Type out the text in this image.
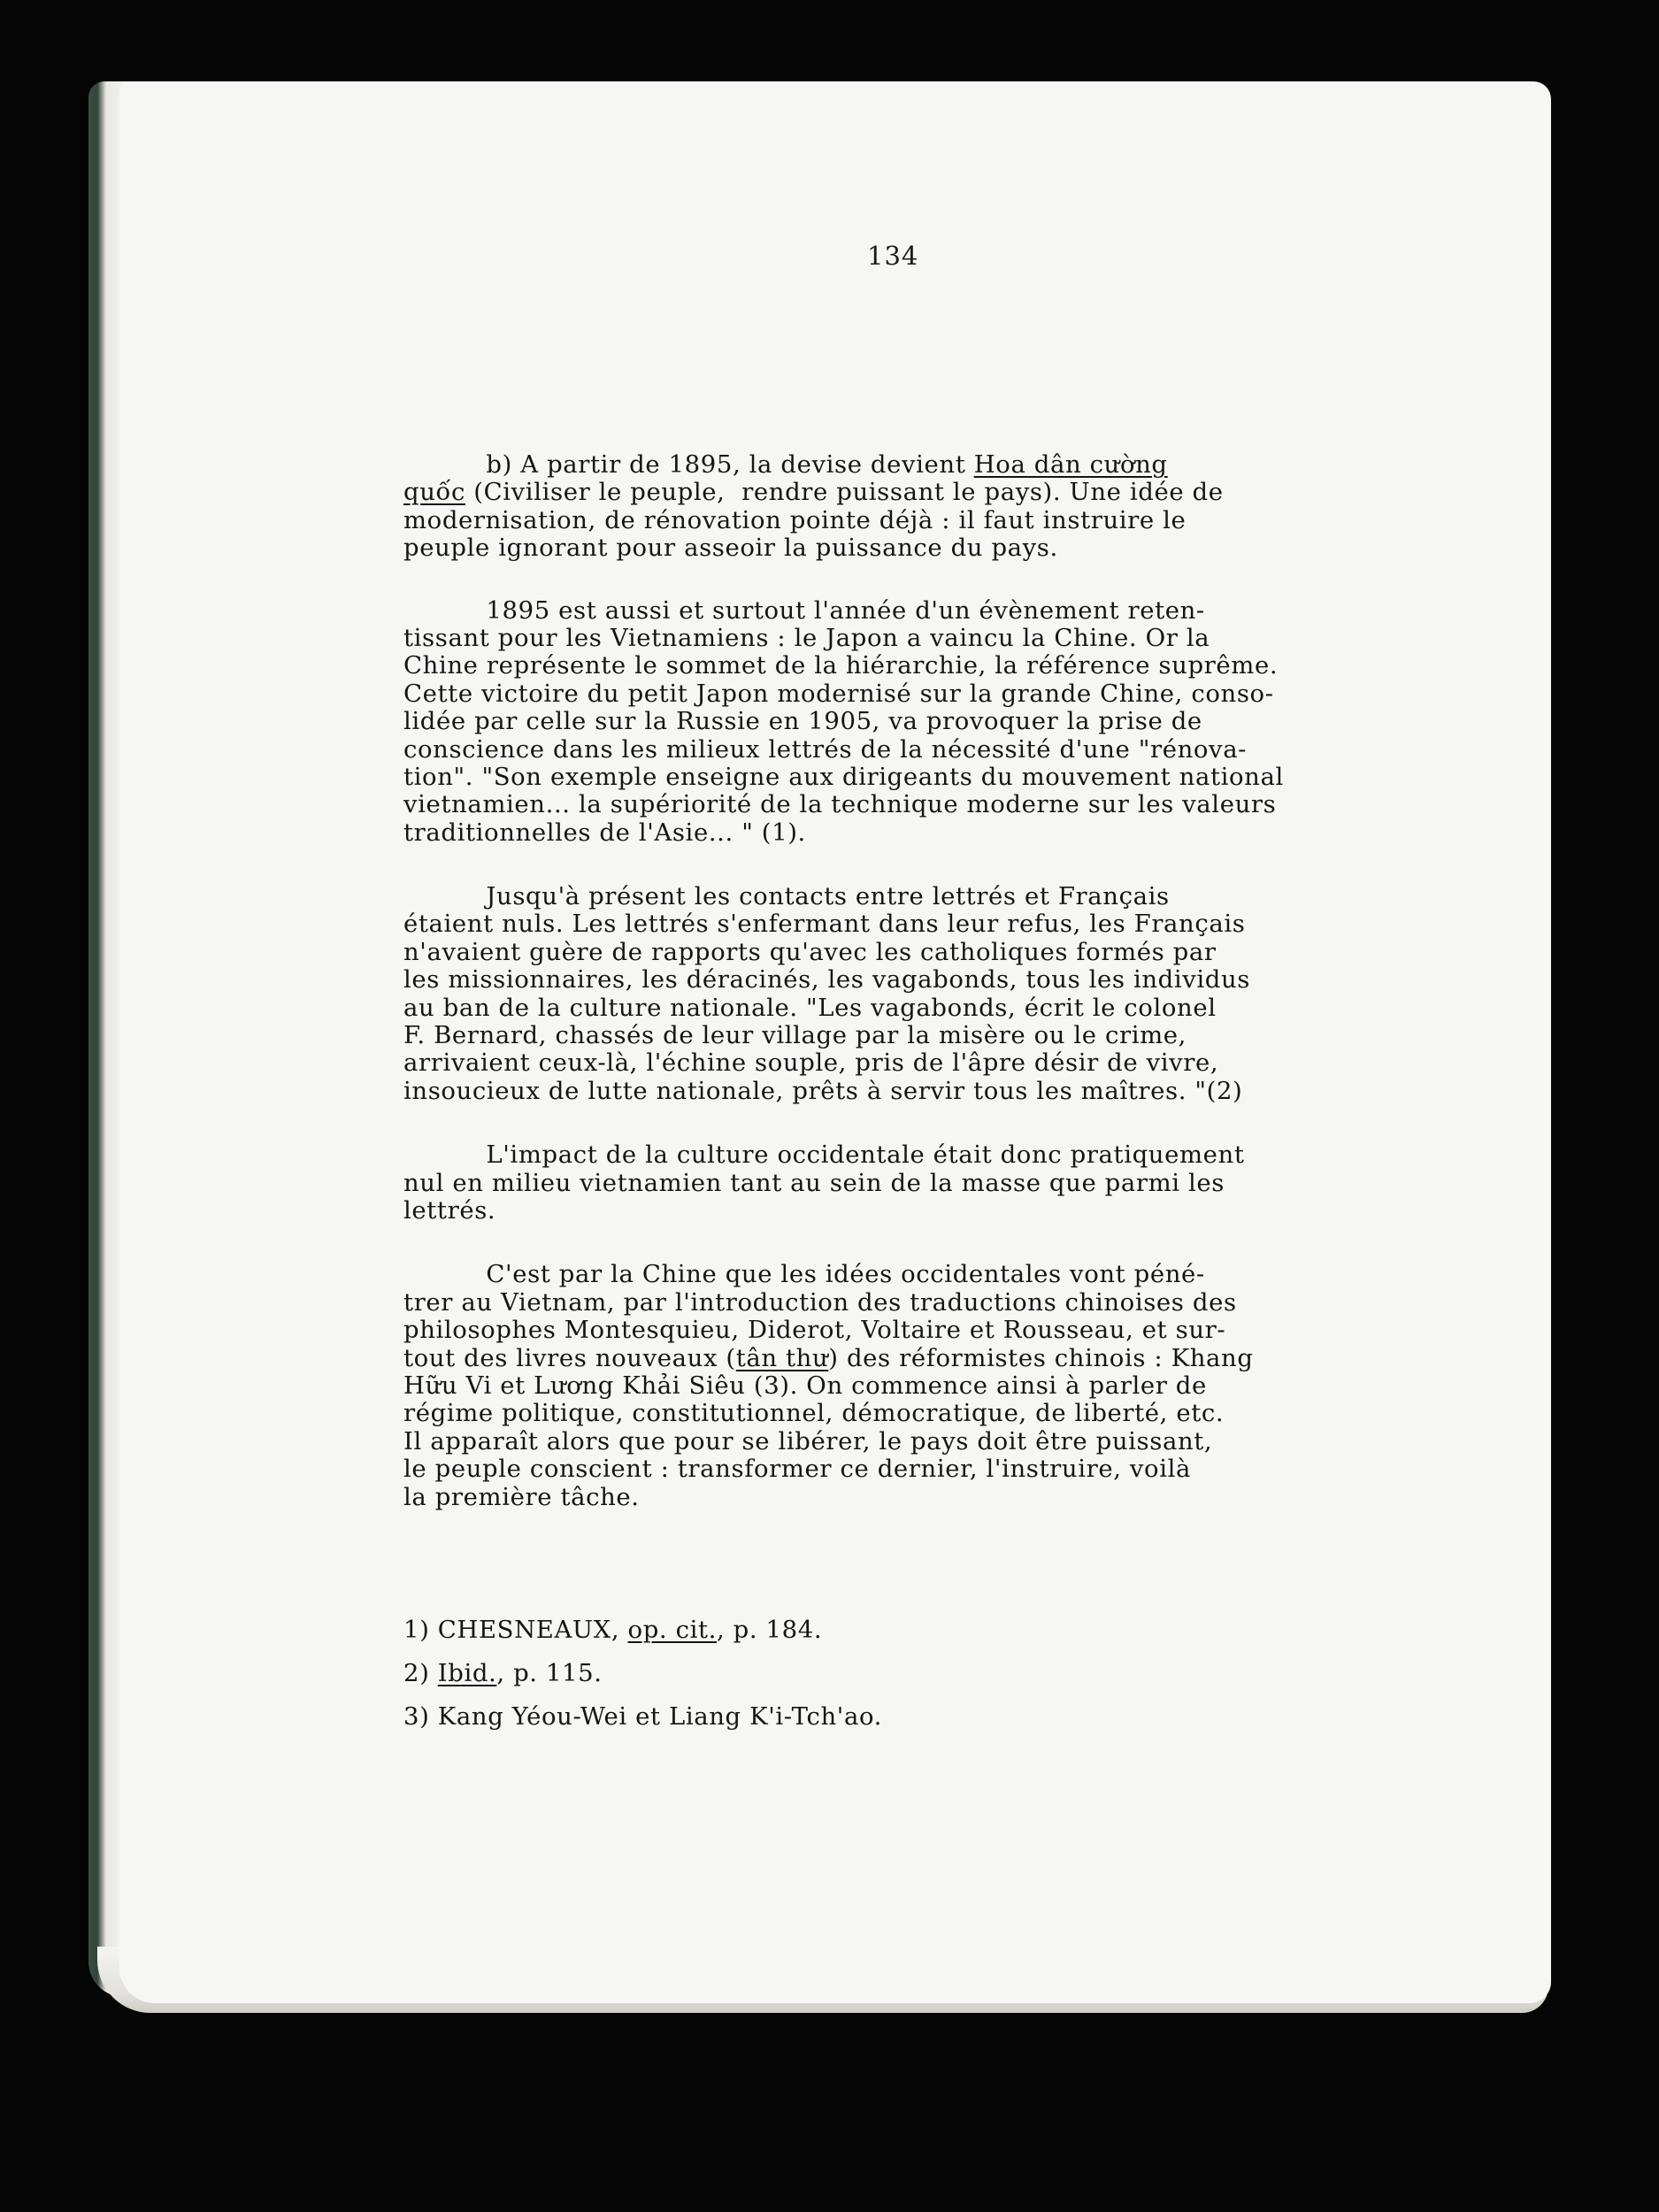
134
b) A partir de 1895, la devise devient Hoa dân cường
quốc (Civiliser le peuple,  rendre puissant le pays). Une idée de
modernisation, de rénovation pointe déjà : il faut instruire le
peuple ignorant pour asseoir la puissance du pays.
1895 est aussi et surtout l'année d'un évènement reten-
tissant pour les Vietnamiens : le Japon a vaincu la Chine. Or la
Chine représente le sommet de la hiérarchie, la référence suprême.
Cette victoire du petit Japon modernisé sur la grande Chine, conso-
lidée par celle sur la Russie en 1905, va provoquer la prise de
conscience dans les milieux lettrés de la nécessité d'une "rénova-
tion". "Son exemple enseigne aux dirigeants du mouvement national
vietnamien... la supériorité de la technique moderne sur les valeurs
traditionnelles de l'Asie... " (1).
Jusqu'à présent les contacts entre lettrés et Français
étaient nuls. Les lettrés s'enfermant dans leur refus, les Français
n'avaient guère de rapports qu'avec les catholiques formés par
les missionnaires, les déracinés, les vagabonds, tous les individus
au ban de la culture nationale. "Les vagabonds, écrit le colonel
F. Bernard, chassés de leur village par la misère ou le crime,
arrivaient ceux-là, l'échine souple, pris de l'âpre désir de vivre,
insoucieux de lutte nationale, prêts à servir tous les maîtres. "(2)
L'impact de la culture occidentale était donc pratiquement
nul en milieu vietnamien tant au sein de la masse que parmi les
lettrés.
C'est par la Chine que les idées occidentales vont péné-
trer au Vietnam, par l'introduction des traductions chinoises des
philosophes Montesquieu, Diderot, Voltaire et Rousseau, et sur-
tout des livres nouveaux (tân thư) des réformistes chinois : Khang
Hữu Vi et Lương Khải Siêu (3). On commence ainsi à parler de
régime politique, constitutionnel, démocratique, de liberté, etc.
Il apparaît alors que pour se libérer, le pays doit être puissant,
le peuple conscient : transformer ce dernier, l'instruire, voilà
la première tâche.
1) CHESNEAUX, op. cit., p. 184.
2) Ibid., p. 115.
3) Kang Yéou-Wei et Liang K'i-Tch'ao.
